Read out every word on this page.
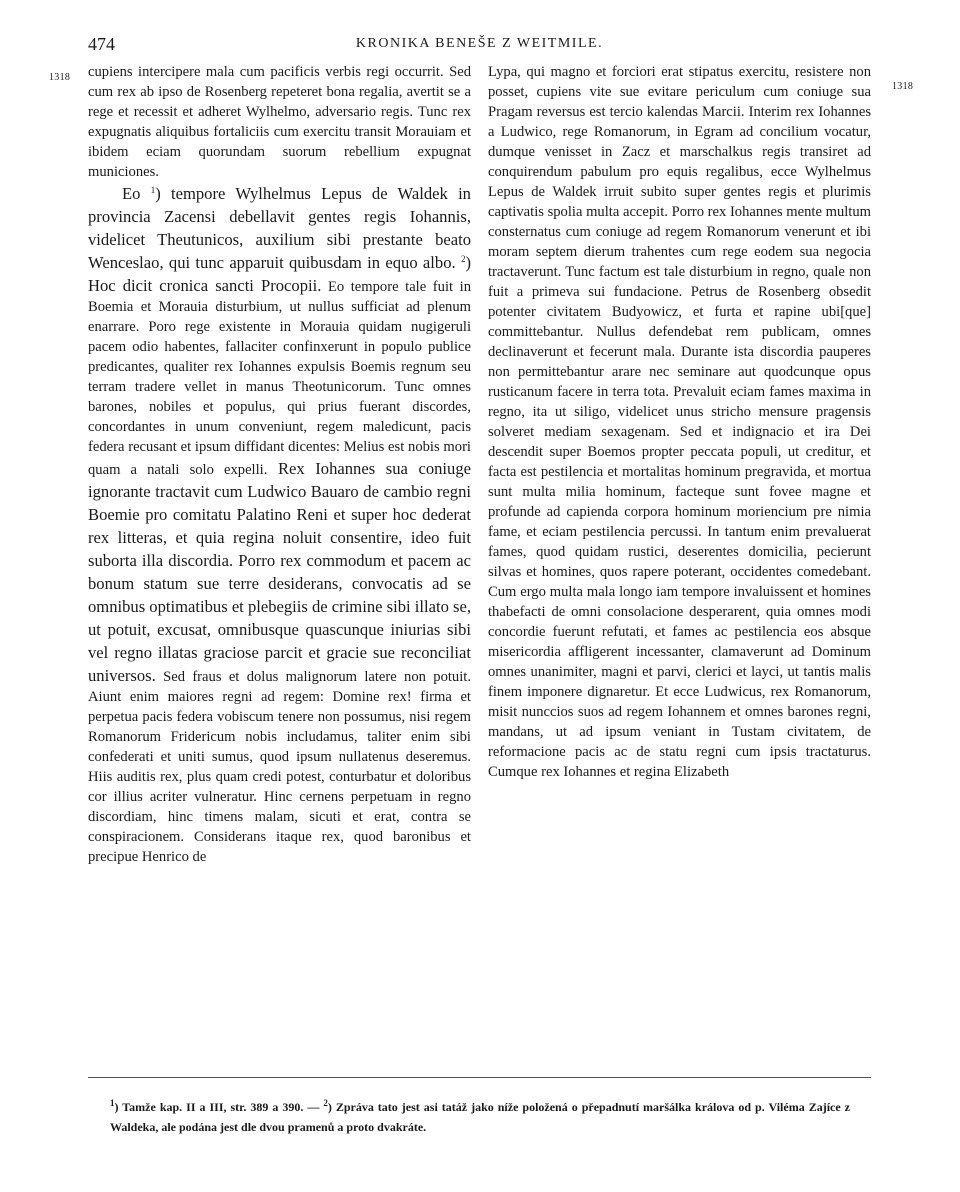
474	KRONIKA BENEŠE Z WEITMILE.
1318
1318

cupiens intercipere mala cum pacificis verbis regi occurrit. Sed cum rex ab ipso de Rosenberg repeteret bona regalia, avertit se a rege et recessit et adheret Wylhelmo, adversario regis. Tunc rex expugnatis aliquibus fortaliciis cum exercitu transit Morauiam et ibidem eciam quorundam suorum rebellium expugnat municiones.

Eo $^1$) tempore Wylhelmus Lepus de Waldek in provincia Zacensi debellavit gentes regis Iohannis, videlicet Theutunicos, auxilium sibi prestante beato Wenceslao, qui tunc apparuit quibusdam in equo albo. $^2$) Hoc dicit cronica sancti Procopii. Eo tempore tale fuit in Boemia et Morauia disturbium, ut nullus sufficiat ad plenum enarrare. Poro rege existente in Morauia quidam nugigeruli pacem odio habentes, fallaciter confinxerunt in populo publice predicantes, qualiter rex Iohannes expulsis Boemis regnum seu terram tradere vellet in manus Theotunicorum. Tunc omnes barones, nobiles et populus, qui prius fuerant discordes, concordantes in unum conveniunt, regem maledicunt, pacis federa recusant et ipsum diffidant dicentes: Melius est nobis mori quam a natali solo expelli. Rex Iohannes sua coniuge ignorante tractavit cum Ludwico Bauaro de cambio regni Boemie pro comitatu Palatino Reni et super hoc dederat rex litteras, et quia regina noluit consentire, ideo fuit suborta illa discordia. Porro rex commodum et pacem ac bonum statum sue terre desiderans, convocatis ad se omnibus optimatibus et plebegiis de crimine sibi illato se, ut potuit, excusat, omnibusque quascunque iniurias sibi vel regno illatas graciose parcit et gracie sue reconciliat universos. Sed fraus et dolus malignorum latere non potuit. Aiunt enim maiores regni ad regem: Domine rex! firma et perpetua pacis federa vobiscum tenere non possumus, nisi regem Romanorum Fridericum nobis includamus, taliter enim sibi confederati et uniti sumus, quod ipsum nullatenus deseremus. Hiis auditis rex, plus quam credi potest, conturbatur et doloribus cor illius acriter vulneratur. Hinc cernens perpetuam in regno discordiam, hinc timens malam, sicuti et erat, contra se conspiracionem. Considerans itaque rex, quod baronibus et precipue Henrico de

Lypa, qui magno et forciori erat stipatus exercitu, resistere non posset, cupiens vite sue evitare periculum cum coniuge sua Pragam reversus est tercio kalendas Marcii. Interim rex Iohannes a Ludwico, rege Romanorum, in Egram ad concilium vocatur, dumque venisset in Zacz et marschalkus regis transiret ad conquirendum pabulum pro equis regalibus, ecce Wylhelmus Lepus de Waldek irruit subito super gentes regis et plurimis captivatis spolia multa accepit. Porro rex Iohannes mente multum consternatus cum coniuge ad regem Romanorum venerunt et ibi moram septem dierum trahentes cum rege eodem sua negocia tractaverunt. Tunc factum est tale disturbium in regno, quale non fuit a primeva sui fundacione. Petrus de Rosenberg obsedit potenter civitatem Budyowicz, et furta et rapine ubi[que] committebantur. Nullus defendebat rem publicam, omnes declinaverunt et fecerunt mala. Durante ista discordia pauperes non permittebantur arare nec seminare aut quodcunque opus rusticanum facere in terra tota. Prevaluit eciam fames maxima in regno, ita ut siligo, videlicet unus stricho mensure pragensis solveret mediam sexagenam. Sed et indignacio et ira Dei descendit super Boemos propter peccata populi, ut creditur, et facta est pestilencia et mortalitas hominum pregravida, et mortua sunt multa milia hominum, facteque sunt fovee magne et profunde ad capienda corpora hominum moriencium pre nimia fame, et eciam pestilencia percussi. In tantum enim prevaluerat fames, quod quidam rustici, deserentes domicilia, pecierunt silvas et homines, quos rapere poterant, occidentes comedebant. Cum ergo multa mala longo iam tempore invaluissent et homines thabefacti de omni consolacione desperarent, quia omnes modi concordie fuerunt refutati, et fames ac pestilencia eos absque misericordia affligerent incessanter, clamaverunt ad Dominum omnes unanimiter, magni et parvi, clerici et layci, ut tantis malis finem imponere dignaretur. Et ecce Ludwicus, rex Romanorum, misit nunccios suos ad regem Iohannem et omnes barones regni, mandans, ut ad ipsum veniant in Tustam civitatem, de reformacione pacis ac de statu regni cum ipsis tractaturus. Cumque rex Iohannes et regina Elizabeth

$^1$) Tamže kap. II a III, str. 389 a 390. — $^2$) Zpráva tato jest asi tatáž jako níže položená o přepadnutí maršálka králova od p. Viléma Zajíce z Waldeka, ale podána jest dle dvou pramenů a proto dvakráte.
